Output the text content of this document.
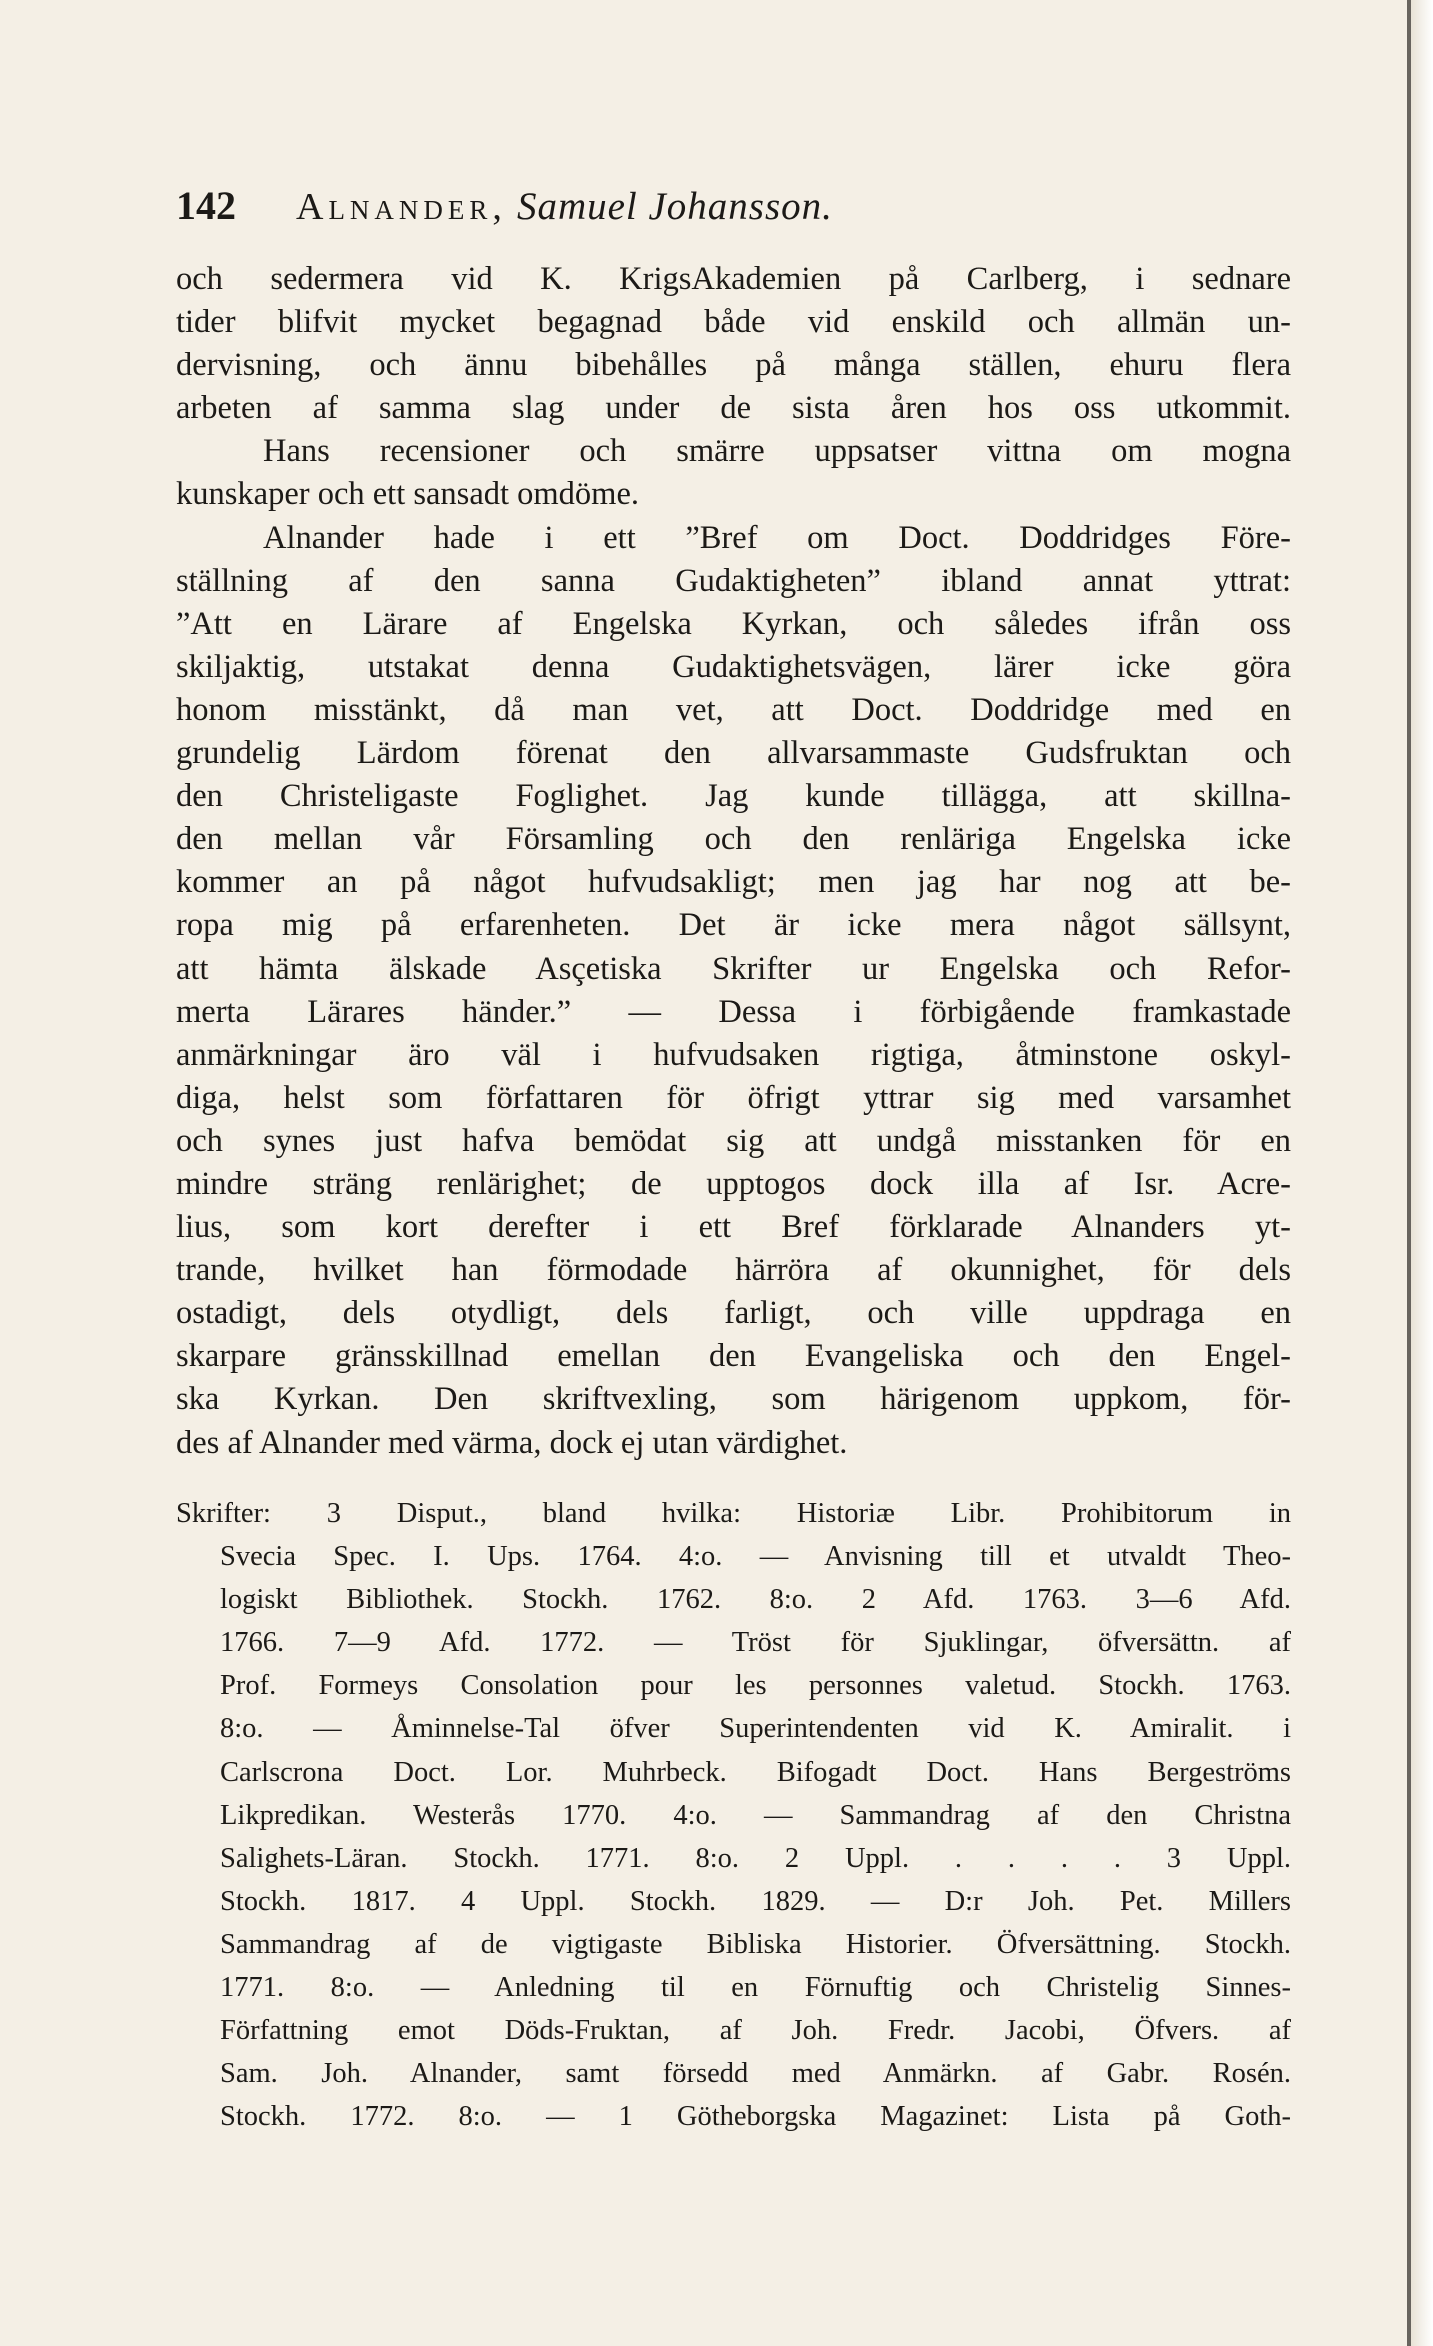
142 Alnander, Samuel Johansson.
och sedermera vid K. KrigsAkademien på Carlberg, i sednare
tider blifvit mycket begagnad både vid enskild och allmän un-
dervisning, och ännu bibehålles på många ställen, ehuru flera
arbeten af samma slag under de sista åren hos oss utkommit.
Hans recensioner och smärre uppsatser vittna om mogna
kunskaper och ett sansadt omdöme.
Alnander hade i ett ”Bref om Doct. Doddridges Före-
ställning af den sanna Gudaktigheten” ibland annat yttrat:
”Att en Lärare af Engelska Kyrkan, och således ifrån oss
skiljaktig, utstakat denna Gudaktighetsvägen, lärer icke göra
honom misstänkt, då man vet, att Doct. Doddridge med en
grundelig Lärdom förenat den allvarsammaste Gudsfruktan och
den Christeligaste Foglighet. Jag kunde tillägga, att skillna-
den mellan vår Församling och den renläriga Engelska icke
kommer an på något hufvudsakligt; men jag har nog att be-
ropa mig på erfarenheten. Det är icke mera något sällsynt,
att hämta älskade Asçetiska Skrifter ur Engelska och Refor-
merta Lärares händer.” — Dessa i förbigående framkastade
anmärkningar äro väl i hufvudsaken rigtiga, åtminstone oskyl-
diga, helst som författaren för öfrigt yttrar sig med varsamhet
och synes just hafva bemödat sig att undgå misstanken för en
mindre sträng renlärighet; de upptogos dock illa af Isr. Acre-
lius, som kort derefter i ett Bref förklarade Alnanders yt-
trande, hvilket han förmodade härröra af okunnighet, för dels
ostadigt, dels otydligt, dels farligt, och ville uppdraga en
skarpare gränsskillnad emellan den Evangeliska och den Engel-
ska Kyrkan. Den skriftvexling, som härigenom uppkom, för-
des af Alnander med värma, dock ej utan värdighet.
Skrifter: 3 Disput., bland hvilka: Historiæ Libr. Prohibitorum in
Svecia Spec. I. Ups. 1764. 4:o. — Anvisning till et utvaldt Theo-
logiskt Bibliothek. Stockh. 1762. 8:o. 2 Afd. 1763. 3—6 Afd.
1766. 7—9 Afd. 1772. — Tröst för Sjuklingar, öfversättn. af
Prof. Formeys Consolation pour les personnes valetud. Stockh. 1763.
8:o. — Åminnelse-Tal öfver Superintendenten vid K. Amiralit. i
Carlscrona Doct. Lor. Muhrbeck. Bifogadt Doct. Hans Bergeströms
Likpredikan. Westerås 1770. 4:o. — Sammandrag af den Christna
Salighets-Läran. Stockh. 1771. 8:o. 2 Uppl. . . . . 3 Uppl.
Stockh. 1817. 4 Uppl. Stockh. 1829. — D:r Joh. Pet. Millers
Sammandrag af de vigtigaste Bibliska Historier. Öfversättning. Stockh.
1771. 8:o. — Anledning til en Förnuftig och Christelig Sinnes-
Författning emot Döds-Fruktan, af Joh. Fredr. Jacobi, Öfvers. af
Sam. Joh. Alnander, samt försedd med Anmärkn. af Gabr. Rosén.
Stockh. 1772. 8:o. — 1 Götheborgska Magazinet: Lista på Goth-
